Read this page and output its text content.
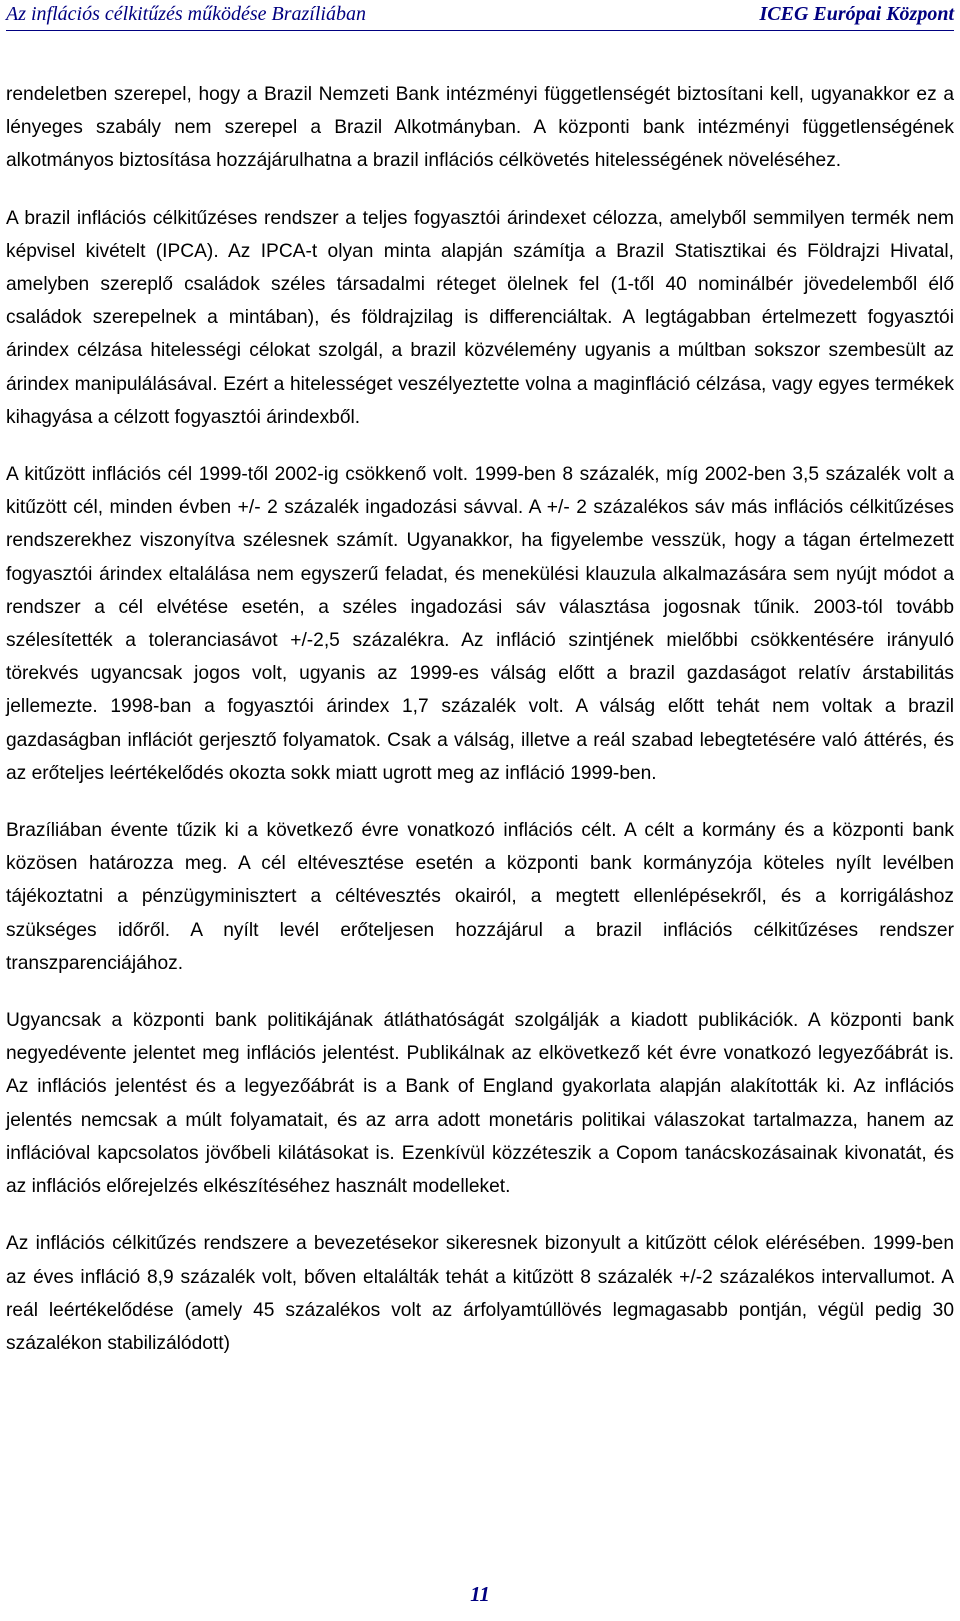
Az inflációs célkitűzés működése Brazíliában	ICEG Európai Központ

rendeletben szerepel, hogy a Brazil Nemzeti Bank intézményi függetlenségét biztosítani kell, ugyanakkor ez a lényeges szabály nem szerepel a Brazil Alkotmányban. A központi bank intézményi függetlenségének alkotmányos biztosítása hozzájárulhatna a brazil inflációs célkövetés hitelességének növeléséhez.

A brazil inflációs célkitűzéses rendszer a teljes fogyasztói árindexet célozza, amelyből semmilyen termék nem képvisel kivételt (IPCA). Az IPCA-t olyan minta alapján számítja a Brazil Statisztikai és Földrajzi Hivatal, amelyben szereplő családok széles társadalmi réteget ölelnek fel (1-től 40 nominálbér jövedelemből élő családok szerepelnek a mintában), és földrajzilag is differenciáltak. A legtágabban értelmezett fogyasztói árindex célzása hitelességi célokat szolgál, a brazil közvélemény ugyanis a múltban sokszor szembesült az árindex manipulálásával. Ezért a hitelességet veszélyeztette volna a maginfláció célzása, vagy egyes termékek kihagyása a célzott fogyasztói árindexből.

A kitűzött inflációs cél 1999-től 2002-ig csökkenő volt. 1999-ben 8 százalék, míg 2002-ben 3,5 százalék volt a kitűzött cél, minden évben +/- 2 százalék ingadozási sávval. A +/- 2 százalékos sáv más inflációs célkitűzéses rendszerekhez viszonyítva szélesnek számít. Ugyanakkor, ha figyelembe vesszük, hogy a tágan értelmezett fogyasztói árindex eltalálása nem egyszerű feladat, és menekülési klauzula alkalmazására sem nyújt módot a rendszer a cél elvétése esetén, a széles ingadozási sáv választása jogosnak tűnik. 2003-tól tovább szélesítették a toleranciasávot +/-2,5 százalékra. Az infláció szintjének mielőbbi csökkentésére irányuló törekvés ugyancsak jogos volt, ugyanis az 1999-es válság előtt a brazil gazdaságot relatív árstabilitás jellemezte. 1998-ban a fogyasztói árindex 1,7 százalék volt. A válság előtt tehát nem voltak a brazil gazdaságban inflációt gerjesztő folyamatok. Csak a válság, illetve a reál szabad lebegtetésére való áttérés, és az erőteljes leértékelődés okozta sokk miatt ugrott meg az infláció 1999-ben.

Brazíliában évente tűzik ki a következő évre vonatkozó inflációs célt. A célt a kormány és a központi bank közösen határozza meg. A cél eltévesztése esetén a központi bank kormányzója köteles nyílt levélben tájékoztatni a pénzügyminisztert a céltévesztés okairól, a megtett ellenlépésekről, és a korrigáláshoz szükséges időről. A nyílt levél erőteljesen hozzájárul a brazil inflációs célkitűzéses rendszer transzparenciájához.

Ugyancsak a központi bank politikájának átláthatóságát szolgálják a kiadott publikációk. A központi bank negyedévente jelentet meg inflációs jelentést. Publikálnak az elkövetkező két évre vonatkozó legyezőábrát is. Az inflációs jelentést és a legyezőábrát is a Bank of England gyakorlata alapján alakították ki. Az inflációs jelentés nemcsak a múlt folyamatait, és az arra adott monetáris politikai válaszokat tartalmazza, hanem az inflációval kapcsolatos jövőbeli kilátásokat is. Ezenkívül közzéteszik a Copom tanácskozásainak kivonatát, és az inflációs előrejelzés elkészítéséhez használt modelleket.

Az inflációs célkitűzés rendszere a bevezetésekor sikeresnek bizonyult a kitűzött célok elérésében. 1999-ben az éves infláció 8,9 százalék volt, bőven eltalálták tehát a kitűzött 8 százalék +/-2 százalékos intervallumot. A reál leértékelődése (amely 45 százalékos volt az árfolyamtúllövés legmagasabb pontján, végül pedig 30 százalékon stabilizálódott)

11
